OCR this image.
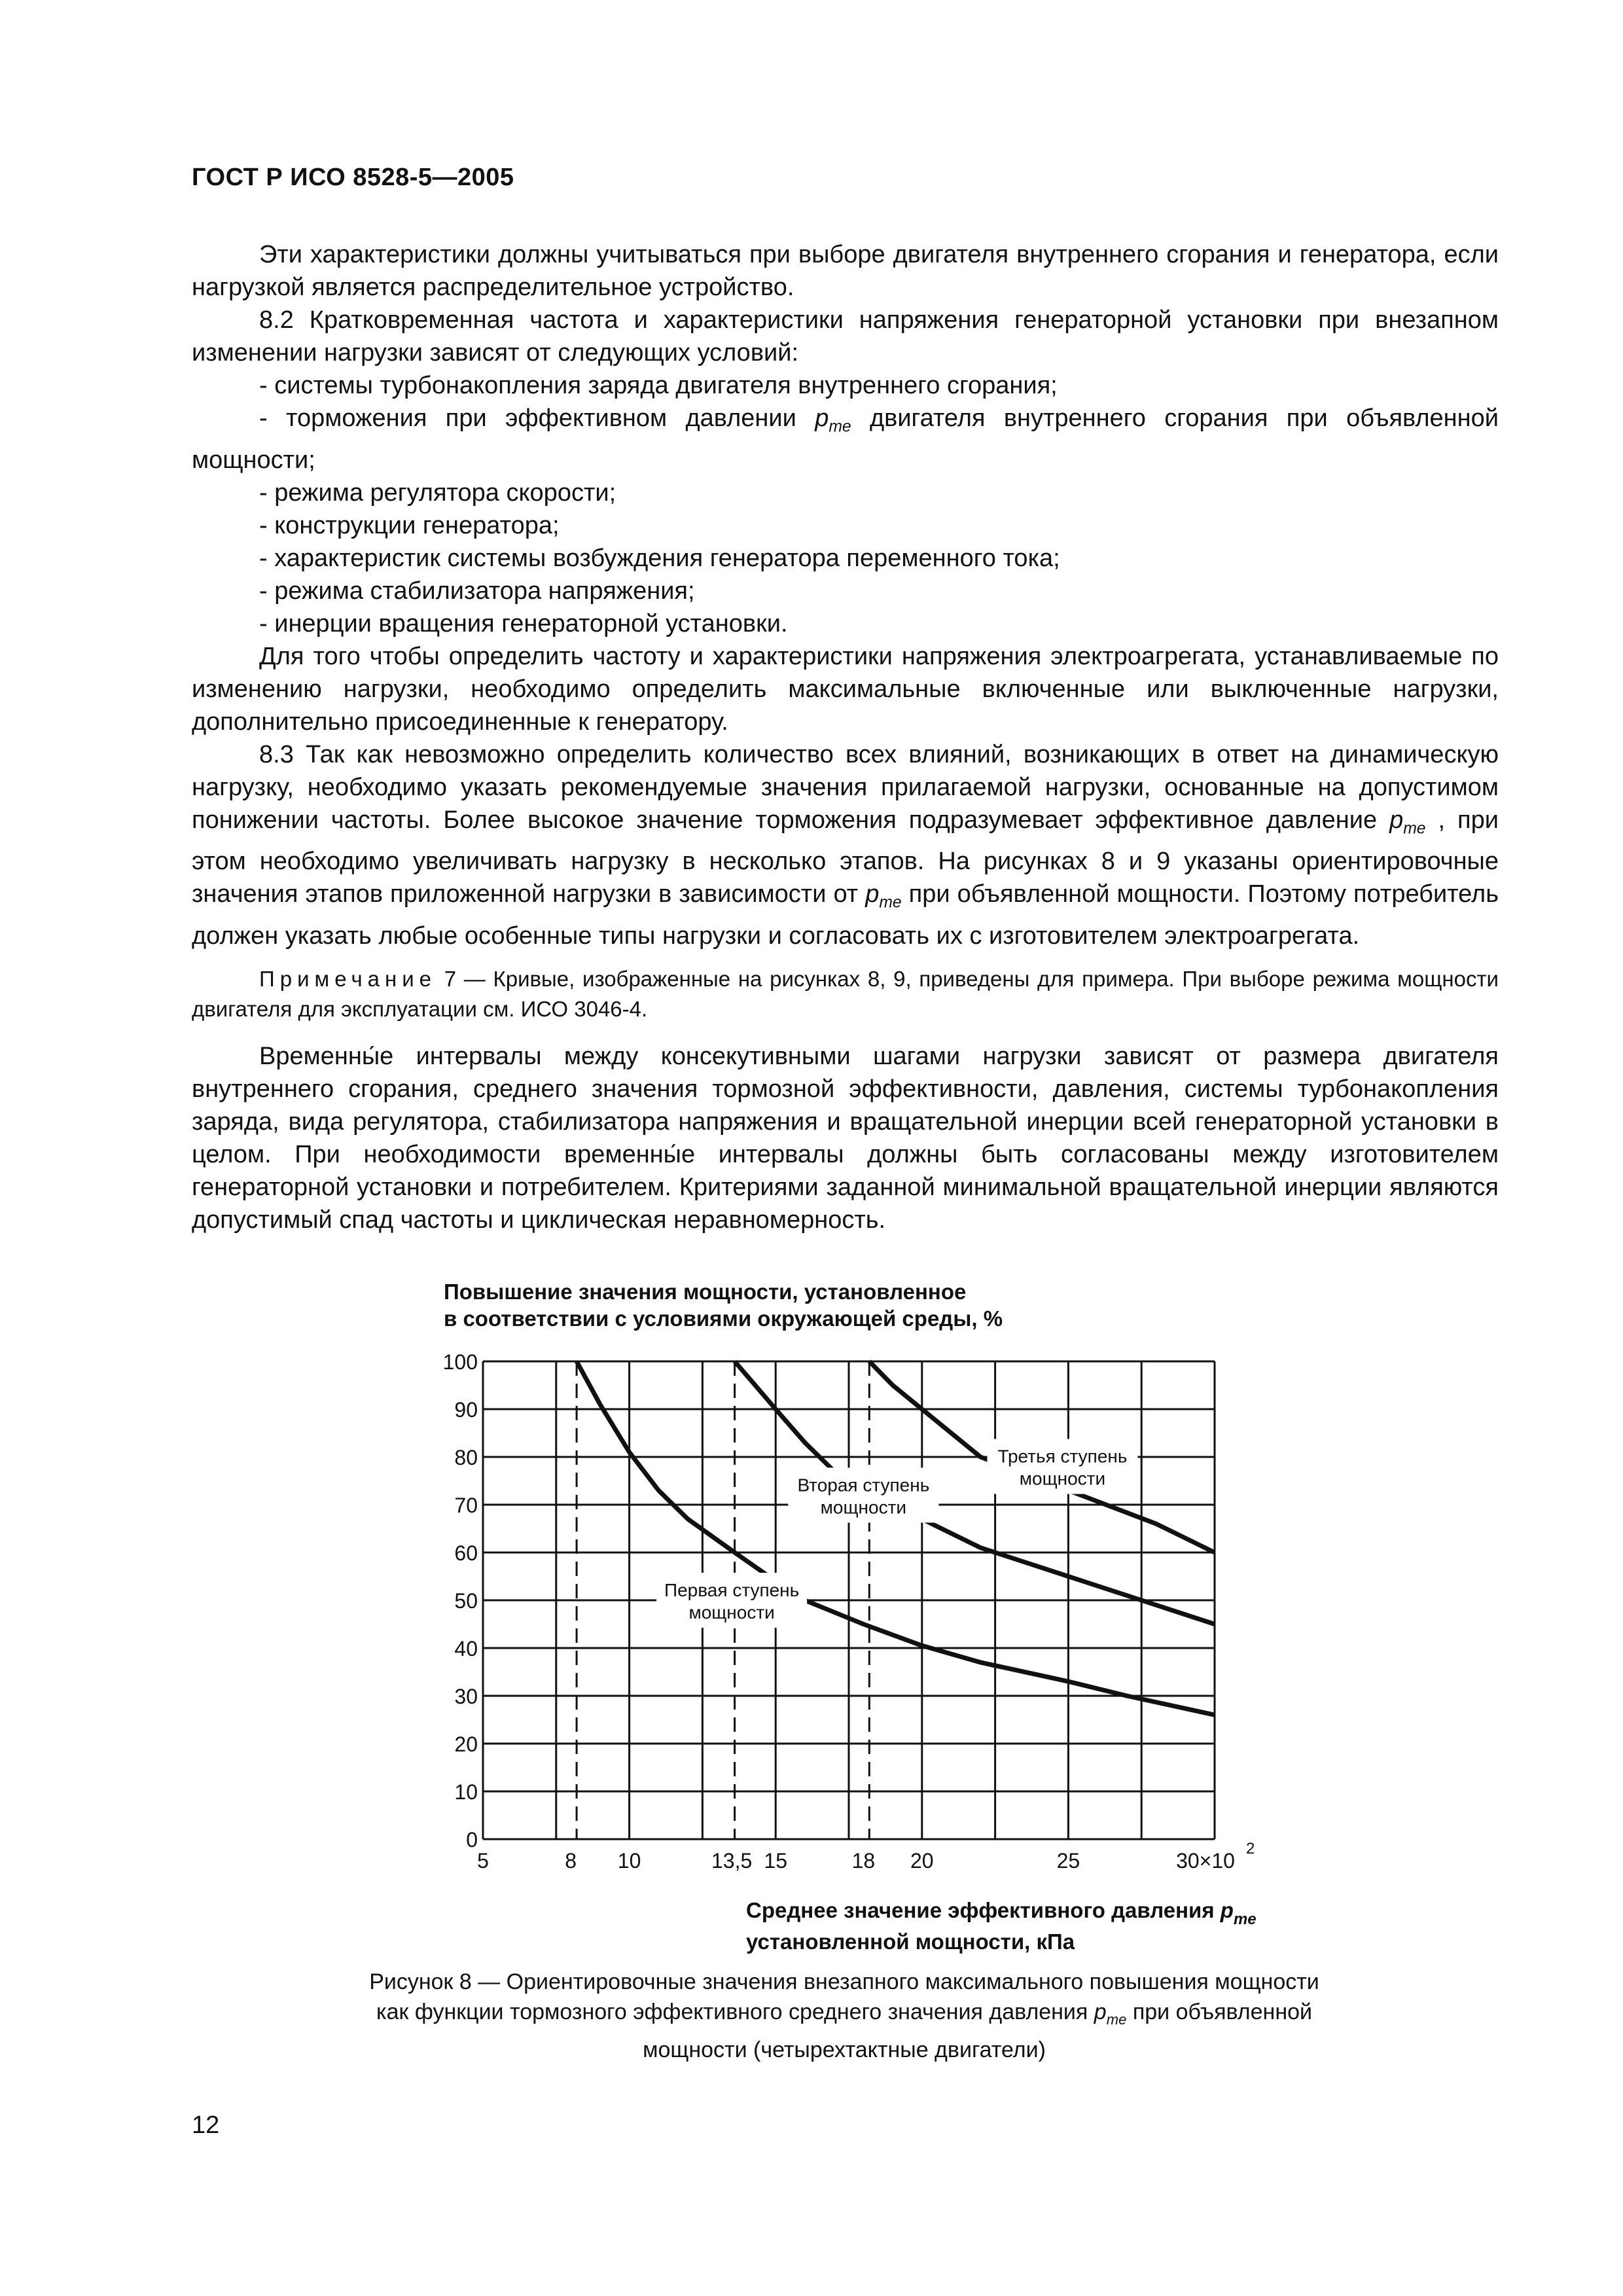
ГОСТ Р ИСО 8528-5—2005

Эти характеристики должны учитываться при выборе двигателя внутреннего сгорания и генератора, если нагрузкой является распределительное устройство.

8.2 Кратковременная частота и характеристики напряжения генераторной установки при внезапном изменении нагрузки зависят от следующих условий:

- системы турбонакопления заряда двигателя внутреннего сгорания;

- торможения при эффективном давлении $p_{me}$ двигателя внутреннего сгорания при объявленной мощности;

- режима регулятора скорости;

- конструкции генератора;

- характеристик системы возбуждения генератора переменного тока;

- режима стабилизатора напряжения;

- инерции вращения генераторной установки.

Для того чтобы определить частоту и характеристики напряжения электроагрегата, устанавливаемые по изменению нагрузки, необходимо определить максимальные включенные или выключенные нагрузки, дополнительно присоединенные к генератору.

8.3 Так как невозможно определить количество всех влияний, возникающих в ответ на динамическую нагрузку, необходимо указать рекомендуемые значения прилагаемой нагрузки, основанные на допустимом понижении частоты. Более высокое значение торможения подразумевает эффективное давление $p_{me}$ , при этом необходимо увеличивать нагрузку в несколько этапов. На рисунках 8 и 9 указаны ориентировочные значения этапов приложенной нагрузки в зависимости от $p_{me}$ при объявленной мощности. Поэтому потребитель должен указать любые особенные типы нагрузки и согласовать их с изготовителем электроагрегата.

Примечание 7 — Кривые, изображенные на рисунках 8, 9, приведены для примера. При выборе режима мощности двигателя для эксплуатации см. ИСО 3046-4.

Временны́е интервалы между консекутивными шагами нагрузки зависят от размера двигателя внутреннего сгорания, среднего значения тормозной эффективности, давления, системы турбонакопления заряда, вида регулятора, стабилизатора напряжения и вращательной инерции всей генераторной установки в целом. При необходимости временны́е интервалы должны быть согласованы между изготовителем генераторной установки и потребителем. Критериями заданной минимальной вращательной инерции являются допустимый спад частоты и циклическая неравномерность.

Повышение значения мощности, установленное
в соответствии с условиями окружающей среды, %
0
10
20
30
40
50
60
70
80
90
100
Первая ступень
мощности
Вторая ступень
мощности
Третья ступень
мощности
5	8 10	13,5 15	18 20	25	30×10
2
Среднее значение эффективного давления $p_{me}$
установленной мощности, кПа
Рисунок 8 — Ориентировочные значения внезапного максимального повышения мощности
как функции тормозного эффективного среднего значения давления $p_{me}$ при объявленной
мощности (четырехтактные двигатели)
12
